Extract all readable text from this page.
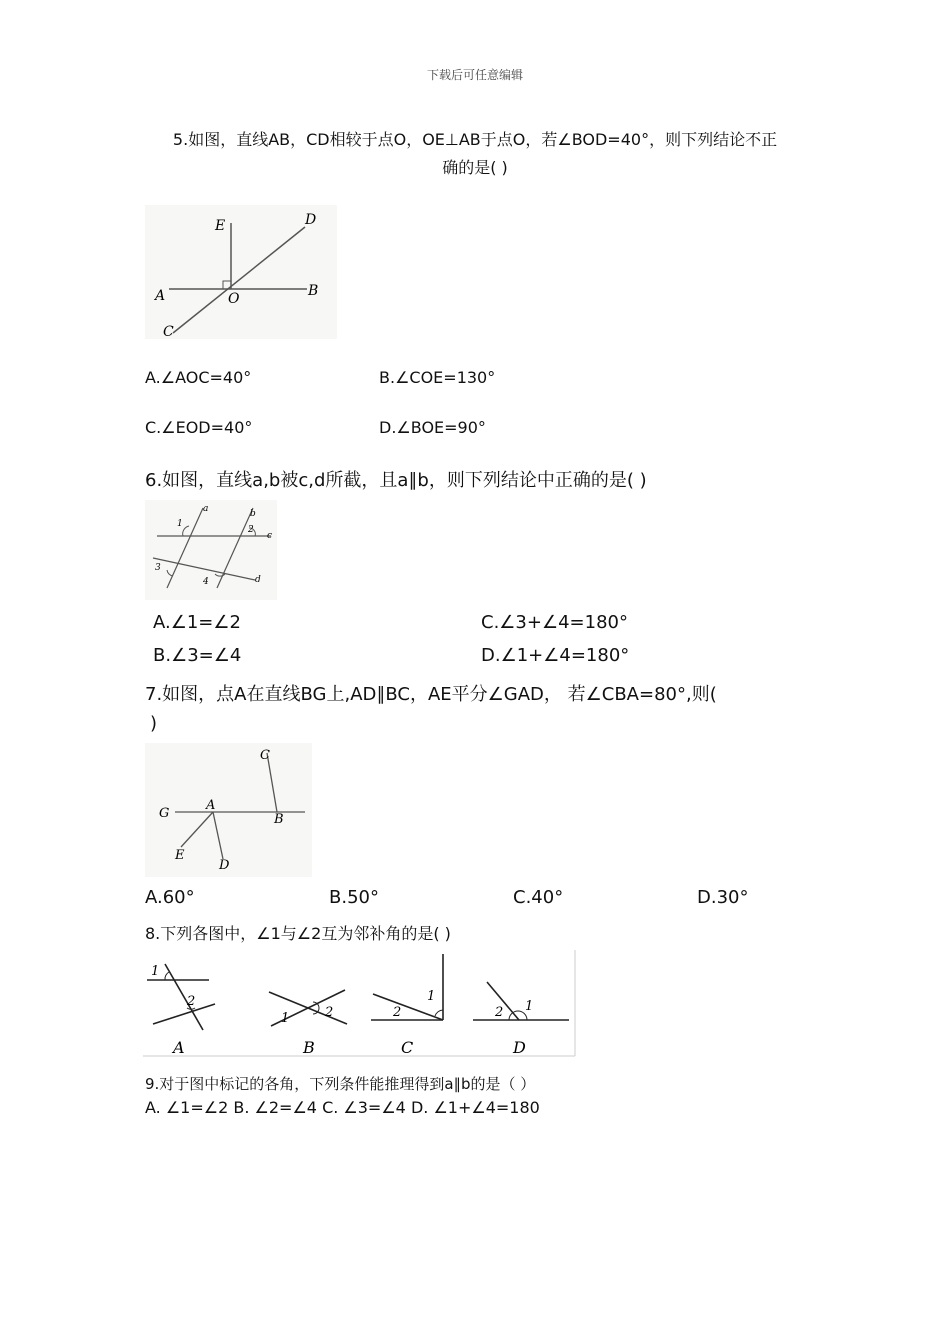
下载后可任意编辑
5.如图，直线AB，CD相较于点O，OE⊥AB于点O，若∠BOD=40°，则下列结论不正
确的是( )
E	D
A	O	B
C
A.∠AOC=40°	B.∠COE=130°
C.∠EOD=40°	D.∠BOE=90°
6.如图，直线a,b被c,d所截，且a∥b，则下列结论中正确的是( )
a	b
c
d
1
2
3
4
A.∠1=∠2	C.∠3+∠4=180°
B.∠3=∠4	D.∠1+∠4=180°
7.如图，点A在直线BG上,AD∥BC，AE平分∠GAD， 若∠CBA=80°,则(
)
C
G
A
B
E
D
A.60°	B.50°	C.40°	D.30°
8.下列各图中，∠1与∠2互为邻补角的是( )
1
2
A
1	2
B
1
2
C
1
2
D
9.对于图中标记的各角，下列条件能推理得到a∥b的是（ ）
A. ∠1=∠2 B. ∠2=∠4 C. ∠3=∠4 D. ∠1+∠4=180
